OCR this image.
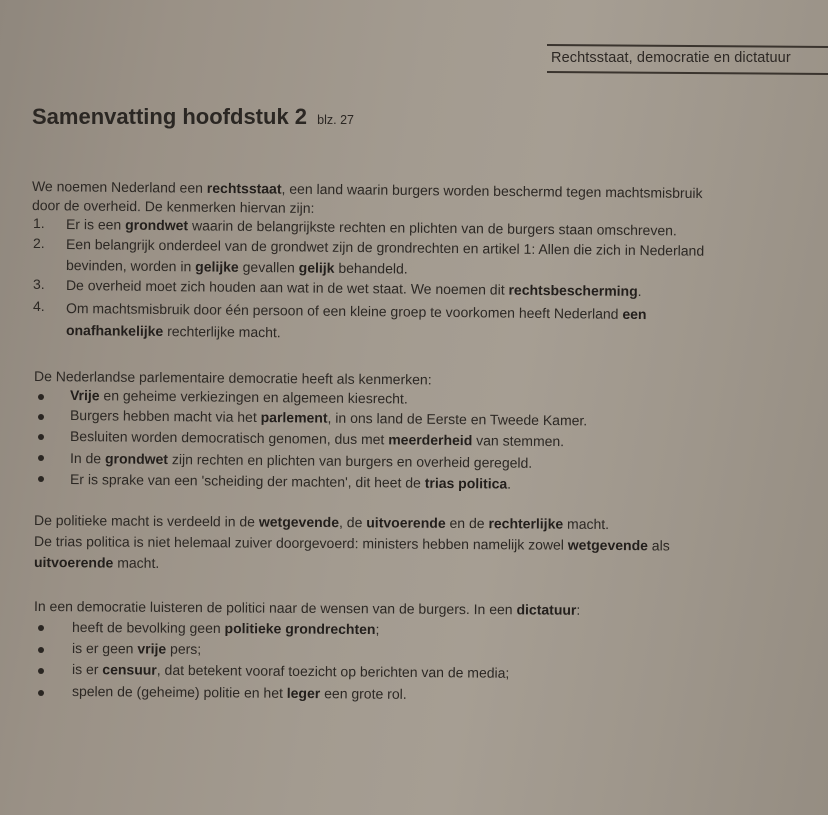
Rechtsstaat, democratie en dictatuur
Samenvatting hoofdstuk 2 blz. 27
We noemen Nederland een rechtsstaat, een land waarin burgers worden beschermd tegen machtsmisbruik
door de overheid. De kenmerken hiervan zijn:
1. Er is een grondwet waarin de belangrijkste rechten en plichten van de burgers staan omschreven.
2. Een belangrijk onderdeel van de grondwet zijn de grondrechten en artikel 1: Allen die zich in Nederland
bevinden, worden in gelijke gevallen gelijk behandeld.
3. De overheid moet zich houden aan wat in de wet staat. We noemen dit rechtsbescherming.
4. Om machtsmisbruik door één persoon of een kleine groep te voorkomen heeft Nederland een
onafhankelijke rechterlijke macht.
De Nederlandse parlementaire democratie heeft als kenmerken:
Vrije en geheime verkiezingen en algemeen kiesrecht.
Burgers hebben macht via het parlement, in ons land de Eerste en Tweede Kamer.
Besluiten worden democratisch genomen, dus met meerderheid van stemmen.
In de grondwet zijn rechten en plichten van burgers en overheid geregeld.
Er is sprake van een 'scheiding der machten', dit heet de trias politica.
De politieke macht is verdeeld in de wetgevende, de uitvoerende en de rechterlijke macht.
De trias politica is niet helemaal zuiver doorgevoerd: ministers hebben namelijk zowel wetgevende als
uitvoerende macht.
In een democratie luisteren de politici naar de wensen van de burgers. In een dictatuur:
heeft de bevolking geen politieke grondrechten;
is er geen vrije pers;
is er censuur, dat betekent vooraf toezicht op berichten van de media;
spelen de (geheime) politie en het leger een grote rol.
